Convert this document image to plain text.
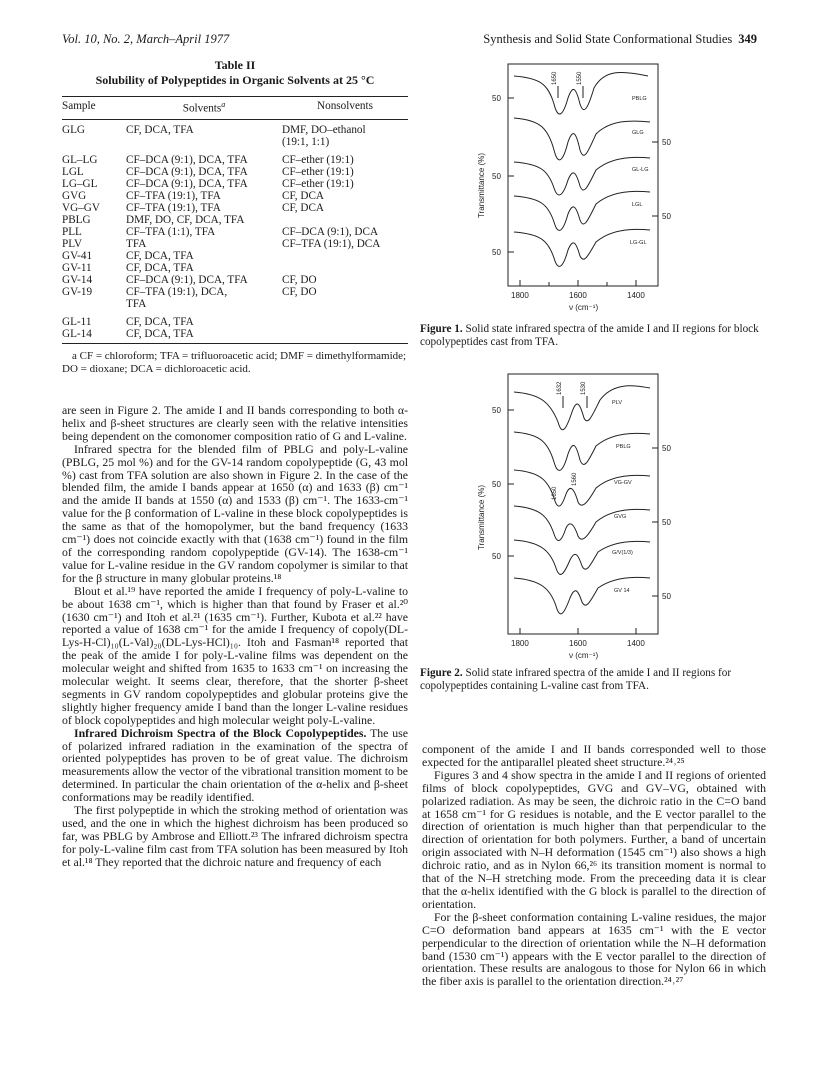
Vol. 10, No. 2, March–April 1977	Synthesis and Solid State Conformational Studies 349
Table II
Solubility of Polypeptides in Organic Solvents at 25 °C
Sample	Solvents$^a$	Nonsolvents
GLG	CF, DCA, TFA	DMF, DO–ethanol
(19:1, 1:1)
GL–LG	CF–DCA (9:1), DCA, TFA	CF–ether (19:1)
LGL	CF–DCA (9:1), DCA, TFA	CF–ether (19:1)
LG–GL	CF–DCA (9:1), DCA, TFA	CF–ether (19:1)
GVG	CF–TFA (19:1), TFA	CF, DCA
VG–GV	CF–TFA (19:1), TFA	CF, DCA
PBLG	DMF, DO, CF, DCA, TFA
PLL	CF–TFA (1:1), TFA	CF–DCA (9:1), DCA
PLV	TFA	CF–TFA (19:1), DCA
GV-41	CF, DCA, TFA
GV-11	CF, DCA, TFA
GV-14	CF–DCA (9:1), DCA, TFA	CF, DO
GV-19	CF–TFA (19:1), DCA,	CF, DO
TFA
GL-11	CF, DCA, TFA
GL-14	CF, DCA, TFA
a CF = chloroform; TFA = trifluoroacetic acid; DMF = dimethylformamide; DO = dioxane; DCA = dichloroacetic acid.
50
50
50
50
50
1800	1600	1400
ν (cm⁻¹)
Transmittance (%)
1650	1550
PBLG
GLG
GL-LG
LGL
LG-GL
Figure 1. Solid state infrared spectra of the amide I and II regions for block copolypeptides cast from TFA.
50
50
50
50
50
50
1800	1600	1400
ν (cm⁻¹)
Transmittance (%)
1632	1530
1650
1560
PLV
PBLG
VG-GV
GVG
G/V(1/3)
GV 14
Figure 2. Solid state infrared spectra of the amide I and II regions for copolypeptides containing L-valine cast from TFA.

are seen in Figure 2. The amide I and II bands corresponding to both α-helix and β-sheet structures are clearly seen with the relative intensities being dependent on the comonomer composition ratio of G and L-valine.

Infrared spectra for the blended film of PBLG and poly-L-valine (PBLG, 25 mol %) and for the GV-14 random copolypeptide (G, 43 mol %) cast from TFA solution are also shown in Figure 2. In the case of the blended film, the amide I bands appear at 1650 (α) and 1633 (β) cm⁻¹ and the amide II bands at 1550 (α) and 1533 (β) cm⁻¹. The 1633-cm⁻¹ value for the β conformation of L-valine in these block copolypeptides is the same as that of the homopolymer, but the band frequency (1633 cm⁻¹) does not coincide exactly with that (1638 cm⁻¹) found in the film of the corresponding random copolypeptide (GV-14). The 1638-cm⁻¹ value for L-valine residue in the GV random copolymer is similar to that for the β structure in many globular proteins.¹⁸

Blout et al.¹⁹ have reported the amide I frequency of poly-L-valine to be about 1638 cm⁻¹, which is higher than that found by Fraser et al.²⁰ (1630 cm⁻¹) and Itoh et al.²¹ (1635 cm⁻¹). Further, Kubota et al.²² have reported a value of 1638 cm⁻¹ for the amide I frequency of copoly(DL-Lys-H-Cl)₁₀(L-Val)₂₀(DL-Lys-HCl)₁₀. Itoh and Fasman¹⁸ reported that the peak of the amide I for poly-L-valine films was dependent on the molecular weight and shifted from 1635 to 1633 cm⁻¹ on increasing the molecular weight. It seems clear, therefore, that the shorter β-sheet segments in GV random copolypeptides and globular proteins give the slightly higher frequency amide I band than the longer L-valine residues of block copolypeptides and high molecular weight poly-L-valine.

Infrared Dichroism Spectra of the Block Copolypeptides. The use of polarized infrared radiation in the examination of the spectra of oriented polypeptides has proven to be of great value. The dichroism measurements allow the vector of the vibrational transition moment to be determined. In particular the chain orientation of the α-helix and β-sheet conformations may be readily identified.

The first polypeptide in which the stroking method of orientation was used, and the one in which the highest dichroism has been produced so far, was PBLG by Ambrose and Elliott.²³ The infrared dichroism spectra for poly-L-valine film cast from TFA solution has been measured by Itoh et al.¹⁸ They reported that the dichroic nature and frequency of each

component of the amide I and II bands corresponded well to those expected for the antiparallel pleated sheet structure.²⁴˒²⁵

Figures 3 and 4 show spectra in the amide I and II regions of oriented films of block copolypeptides, GVG and GV–VG, obtained with polarized radiation. As may be seen, the dichroic ratio in the C=O band at 1658 cm⁻¹ for G residues is notable, and the E vector parallel to the direction of orientation is much higher than that perpendicular to the direction of orientation for both polymers. Further, a band of uncertain origin associated with N–H deformation (1545 cm⁻¹) also shows a high dichroic ratio, and as in Nylon 66,²⁶ its transition moment is normal to that of the N–H stretching mode. From the preceeding data it is clear that the α-helix identified with the G block is parallel to the direction of orientation.

For the β-sheet conformation containing L-valine residues, the major C=O deformation band appears at 1635 cm⁻¹ with the E vector perpendicular to the direction of orientation while the N–H deformation band (1530 cm⁻¹) appears with the E vector parallel to the direction of orientation. These results are analogous to those for Nylon 66 in which the fiber axis is parallel to the orientation direction.²⁴˒²⁷
